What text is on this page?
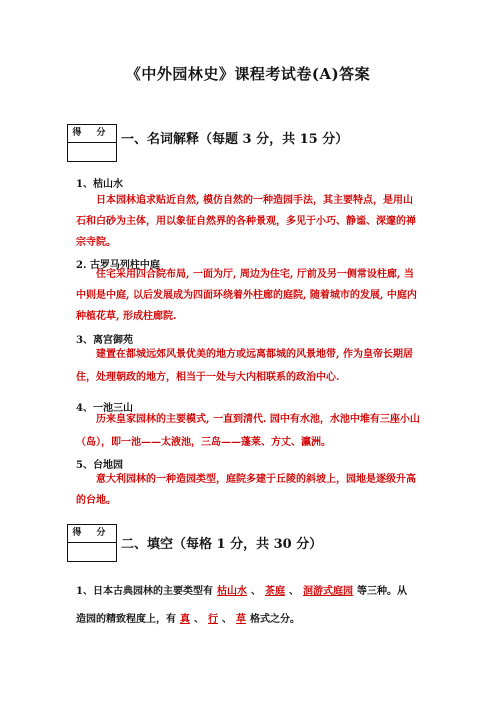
《中外园林史》课程考试卷(A)答案
得 分 一、名词解释（每题 3 分，共 15 分）
1、桔山水
日本园林追求贴近自然, 模仿自然的一种造园手法，其主要特点，是用山石和白砂为主体，用以象征自然界的各种景观，多见于小巧、静谧、深邃的禅宗寺院。
2. 古罗马列柱中庭
住宅采用四合院布局, 一面为厅, 周边为住宅, 厅前及另一侧常设柱廊, 当中则是中庭, 以后发展成为四面环绕着外柱廊的庭院, 随着城市的发展, 中庭内种植花草, 形成柱廊院.
3、离宫御苑
建置在都城远郊风景优美的地方或远离都城的风景地带, 作为皇帝长期居住，处理朝政的地方，相当于一处与大内相联系的政治中心.
4、一池三山
历来皇家园林的主要模式, 一直到清代. 园中有水池，水池中堆有三座小山（岛），即一池——太液池，三岛——蓬莱、方丈、瀛洲。
5、台地园
意大利园林的一种造园类型，庭院多建于丘陵的斜坡上，园地是逐级升高的台地。
得 分
二、填空（每格 1 分，共 30 分）
1、日本古典园林的主要类型有 枯山水 、 茶庭 、 洄游式庭园 等三种。从
造园的精致程度上，有 真 、 行 、 草 格式之分。
